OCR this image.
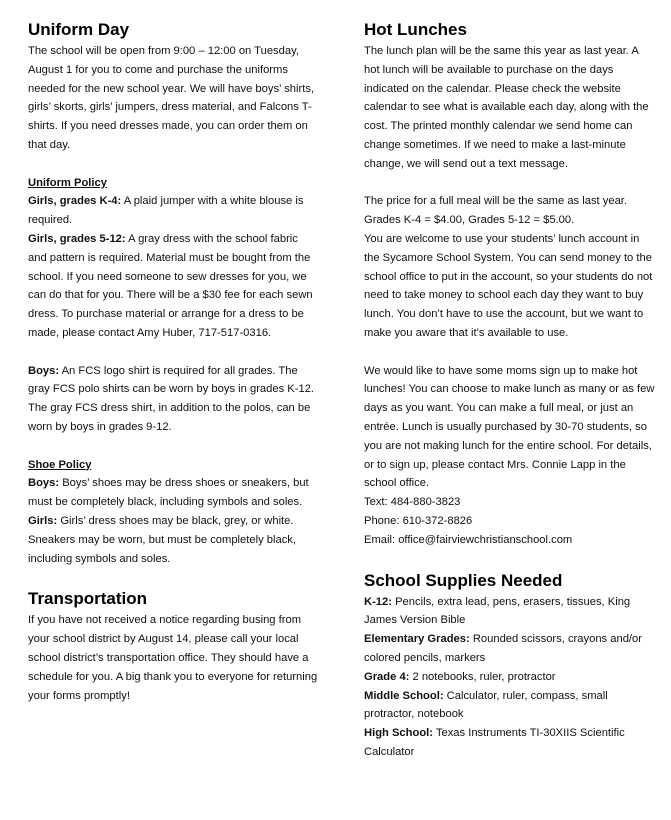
Uniform Day

The school will be open from 9:00 – 12:00 on Tuesday, August 1 for you to come and purchase the uniforms needed for the new school year. We will have boys’ shirts, girls’ skorts, girls’ jumpers, dress material, and Falcons T-shirts. If you need dresses made, you can order them on that day.

Uniform Policy

Girls, grades K-4: A plaid jumper with a white blouse is required.

Girls, grades 5-12: A gray dress with the school fabric and pattern is required. Material must be bought from the school. If you need someone to sew dresses for you, we can do that for you. There will be a $30 fee for each sewn dress. To purchase material or arrange for a dress to be made, please contact Amy Huber, 717-517-0316.

Boys: An FCS logo shirt is required for all grades. The gray FCS polo shirts can be worn by boys in grades K-12. The gray FCS dress shirt, in addition to the polos, can be worn by boys in grades 9-12.

Shoe Policy

Boys: Boys’ shoes may be dress shoes or sneakers, but must be completely black, including symbols and soles.

Girls: Girls’ dress shoes may be black, grey, or white. Sneakers may be worn, but must be completely black, including symbols and soles.

Transportation

If you have not received a notice regarding busing from your school district by August 14, please call your local school district’s transportation office. They should have a schedule for you. A big thank you to everyone for returning your forms promptly!

Hot Lunches

The lunch plan will be the same this year as last year. A hot lunch will be available to purchase on the days indicated on the calendar. Please check the website calendar to see what is available each day, along with the cost. The printed monthly calendar we send home can change sometimes. If we need to make a last-minute change, we will send out a text message.

The price for a full meal will be the same as last year.

Grades K-4 = $4.00, Grades 5-12 = $5.00.

You are welcome to use your students’ lunch account in the Sycamore School System. You can send money to the school office to put in the account, so your students do not need to take money to school each day they want to buy lunch. You don’t have to use the account, but we want to make you aware that it’s available to use.

We would like to have some moms sign up to make hot lunches! You can choose to make lunch as many or as few days as you want. You can make a full meal, or just an entrée. Lunch is usually purchased by 30-70 students, so you are not making lunch for the entire school. For details, or to sign up, please contact Mrs. Connie Lapp in the school office.

Text: 484-880-3823

Phone: 610-372-8826

Email: office@fairviewchristianschool.com

School Supplies Needed

K-12: Pencils, extra lead, pens, erasers, tissues, King James Version Bible

Elementary Grades: Rounded scissors, crayons and/or colored pencils, markers

Grade 4: 2 notebooks, ruler, protractor

Middle School: Calculator, ruler, compass, small protractor, notebook

High School: Texas Instruments TI-30XIIS Scientific Calculator
